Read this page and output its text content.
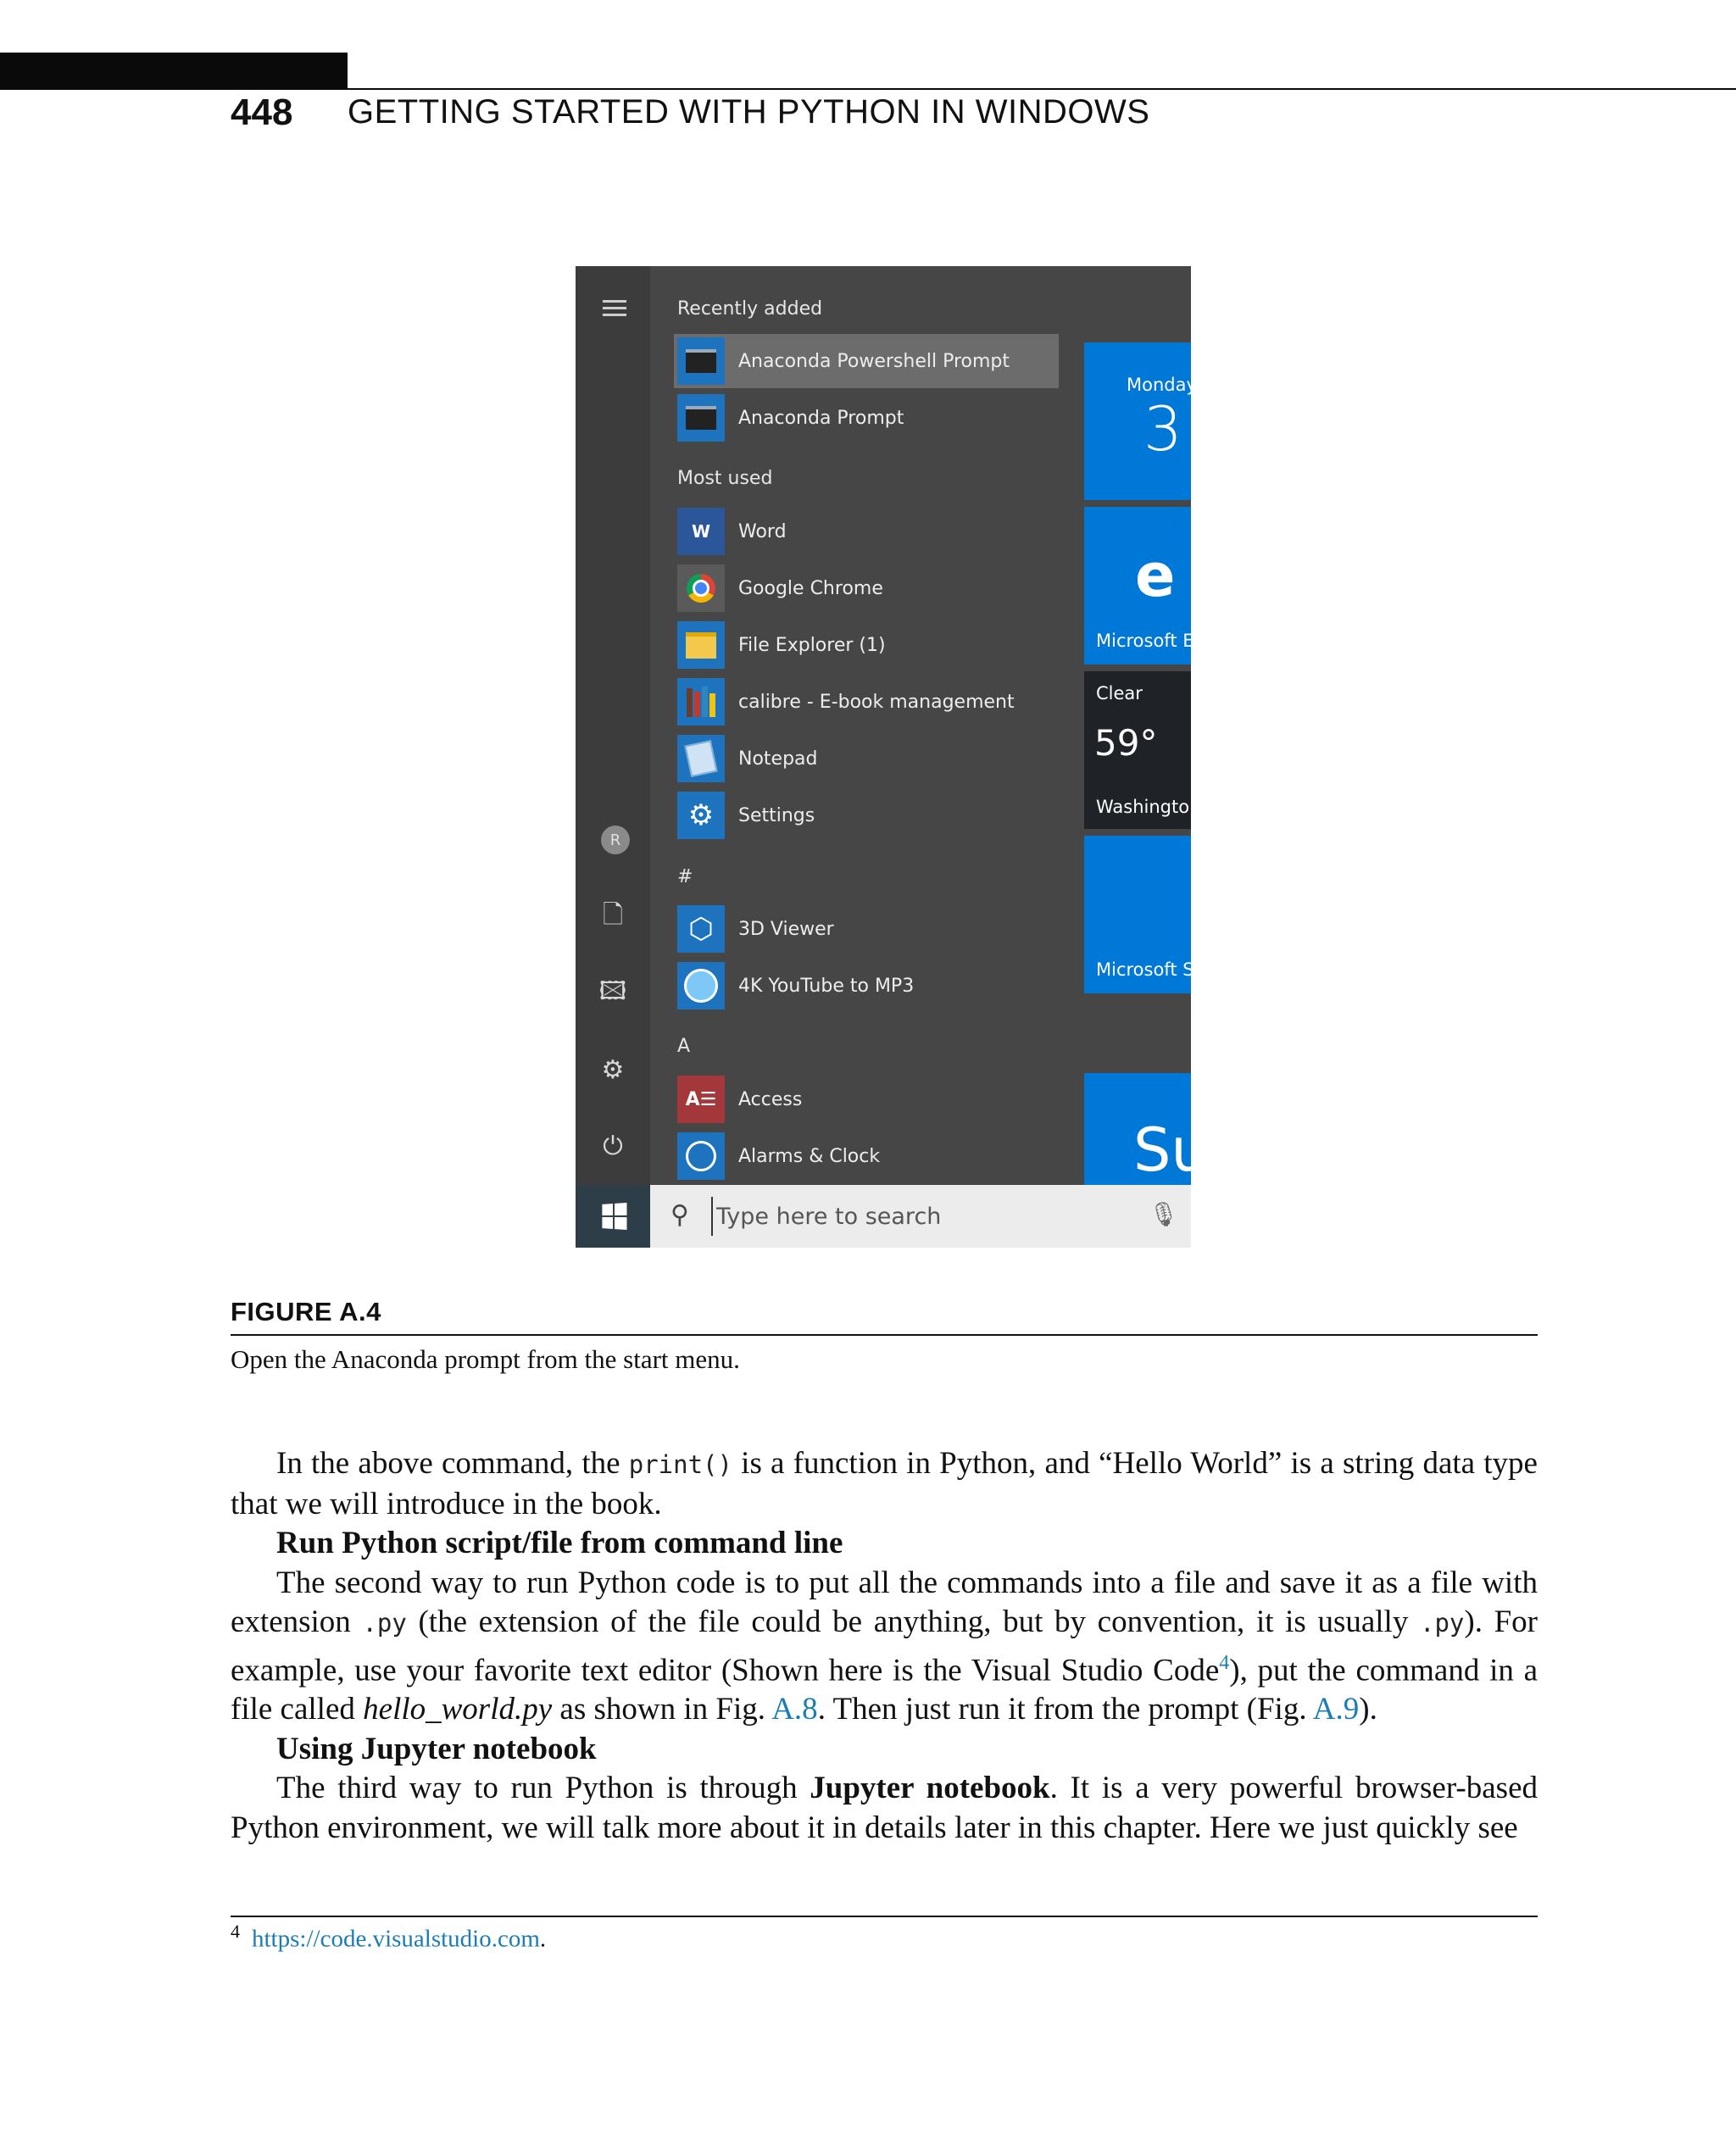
448 GETTING STARTED WITH PYTHON IN WINDOWS
R
🗋
🖾
⚙
⏻
Recently added
Anaconda Powershell Prompt
Anaconda Prompt
Most used
W	Word
Google Chrome
File Explorer (1)
calibre - E-book management
Notepad
⚙	Settings
#
⬡	3D Viewer
4K YouTube to MP3
A
A☰	Access
Alarms & Clock
Monday
3
e
Microsoft E
Clear
59°
Washington
Microsoft S
Su
⚲
Type here to search	🎙
FIGURE A.4
Open the Anaconda prompt from the start menu.

In the above command, the print() is a function in Python, and “Hello World” is a string data type that we will introduce in the book.

Run Python script/file from command line

The second way to run Python code is to put all the commands into a file and save it as a file with extension .py (the extension of the file could be anything, but by convention, it is usually .py). For example, use your favorite text editor (Shown here is the Visual Studio Code$^4$), put the command in a file called hello_world.py as shown in Fig. A.8. Then just run it from the prompt (Fig. A.9).

Using Jupyter notebook

The third way to run Python is through Jupyter notebook. It is a very powerful browser-based Python environment, we will talk more about it in details later in this chapter. Here we just quickly see

$^4$ https://code.visualstudio.com.
